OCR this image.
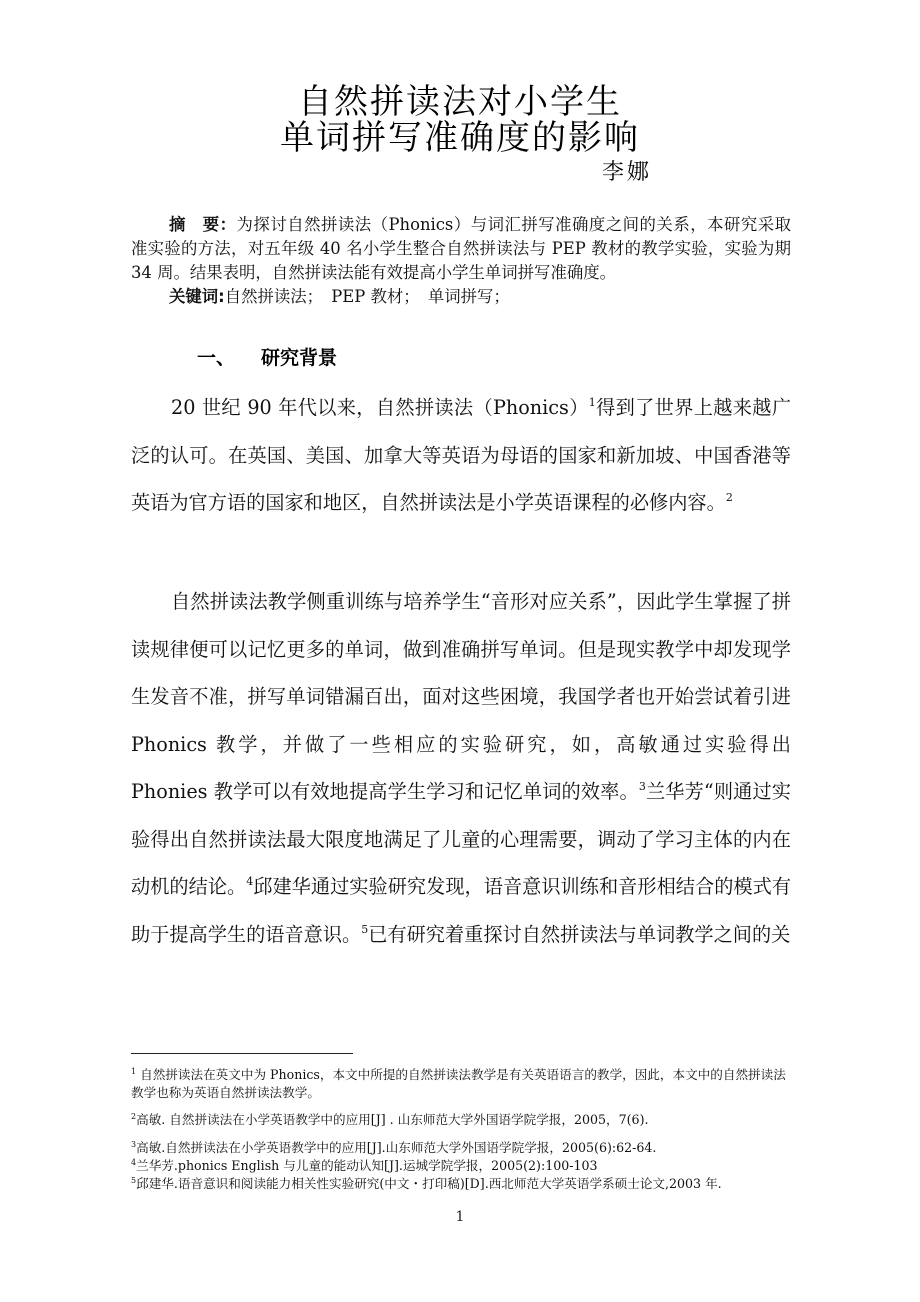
自然拼读法对小学生
单词拼写准确度的影响
李娜

摘　要：为探讨自然拼读法（Phonics）与词汇拼写准确度之间的关系，本研究采取准实验的方法，对五年级 40 名小学生整合自然拼读法与 PEP 教材的教学实验，实验为期 34 周。结果表明，自然拼读法能有效提高小学生单词拼写准确度。

关键词:自然拼读法；　PEP 教材；　单词拼写；

一、 研究背景

20 世纪 90 年代以来，自然拼读法（Phonics）$^1$得到了世界上越来越广泛的认可。在英国、美国、加拿大等英语为母语的国家和新加坡、中国香港等英语为官方语的国家和地区，自然拼读法是小学英语课程的必修内容。$^2$

自然拼读法教学侧重训练与培养学生“音形对应关系”，因此学生掌握了拼读规律便可以记忆更多的单词，做到准确拼写单词。但是现实教学中却发现学生发音不准，拼写单词错漏百出，面对这些困境，我国学者也开始尝试着引进 Phonics 教学，并做了一些相应的实验研究，如，高敏通过实验得出 Phonies 教学可以有效地提高学生学习和记忆单词的效率。$^3$兰华芳“则通过实验得出自然拼读法最大限度地满足了儿童的心理需要，调动了学习主体的内在动机的结论。$^4$邱建华通过实验研究发现，语音意识训练和音形相结合的模式有助于提高学生的语音意识。$^5$已有研究着重探讨自然拼读法与单词教学之间的关

$^1$ 自然拼读法在英文中为 Phonics，本文中所提的自然拼读法教学是有关英语语言的教学，因此，本文中的自然拼读法教学也称为英语自然拼读法教学。

$^2$高敏. 自然拼读法在小学英语教学中的应用[J] . 山东师范大学外国语学院学报，2005，7(6).

$^3$高敏.自然拼读法在小学英语教学中的应用[J].山东师范大学外国语学院学报，2005(6):62-64.

$^4$兰华芳.phonics English 与儿童的能动认知[J].运城学院学报，2005(2):100-103

$^5$邱建华.语音意识和阅读能力相关性实验研究(中文・打印稿)[D].西北师范大学英语学系硕士论文,2003 年.

1
